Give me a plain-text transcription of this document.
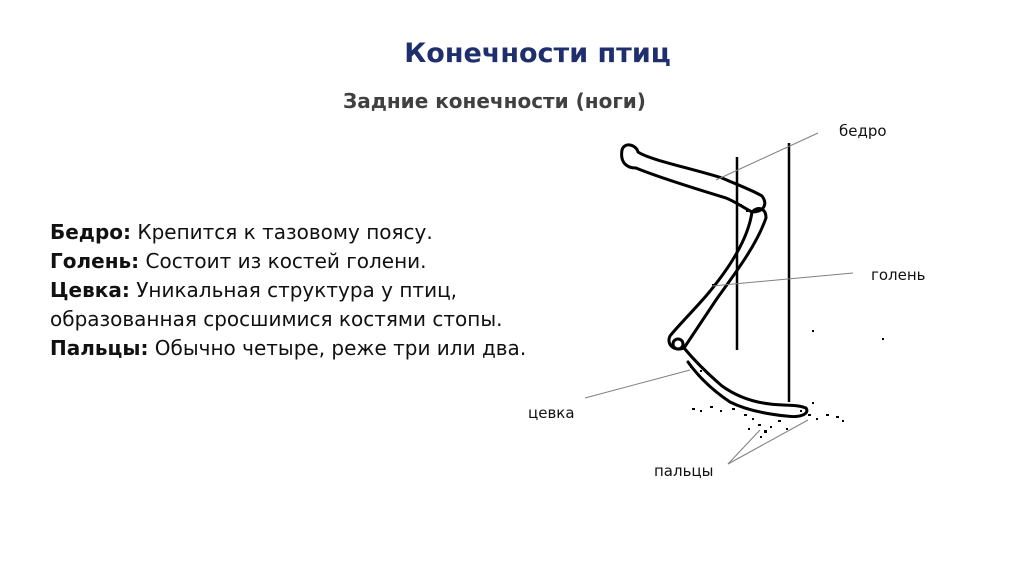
Конечности птиц
Задние конечности (ноги)

Бедро: Крепится к тазовому поясу.

Голень: Состоит из костей голени.

Цевка: Уникальная структура у птиц, образованная сросшимися костями стопы.

Пальцы: Обычно четыре, реже три или два.

бедро
голень
цевка
пальцы
